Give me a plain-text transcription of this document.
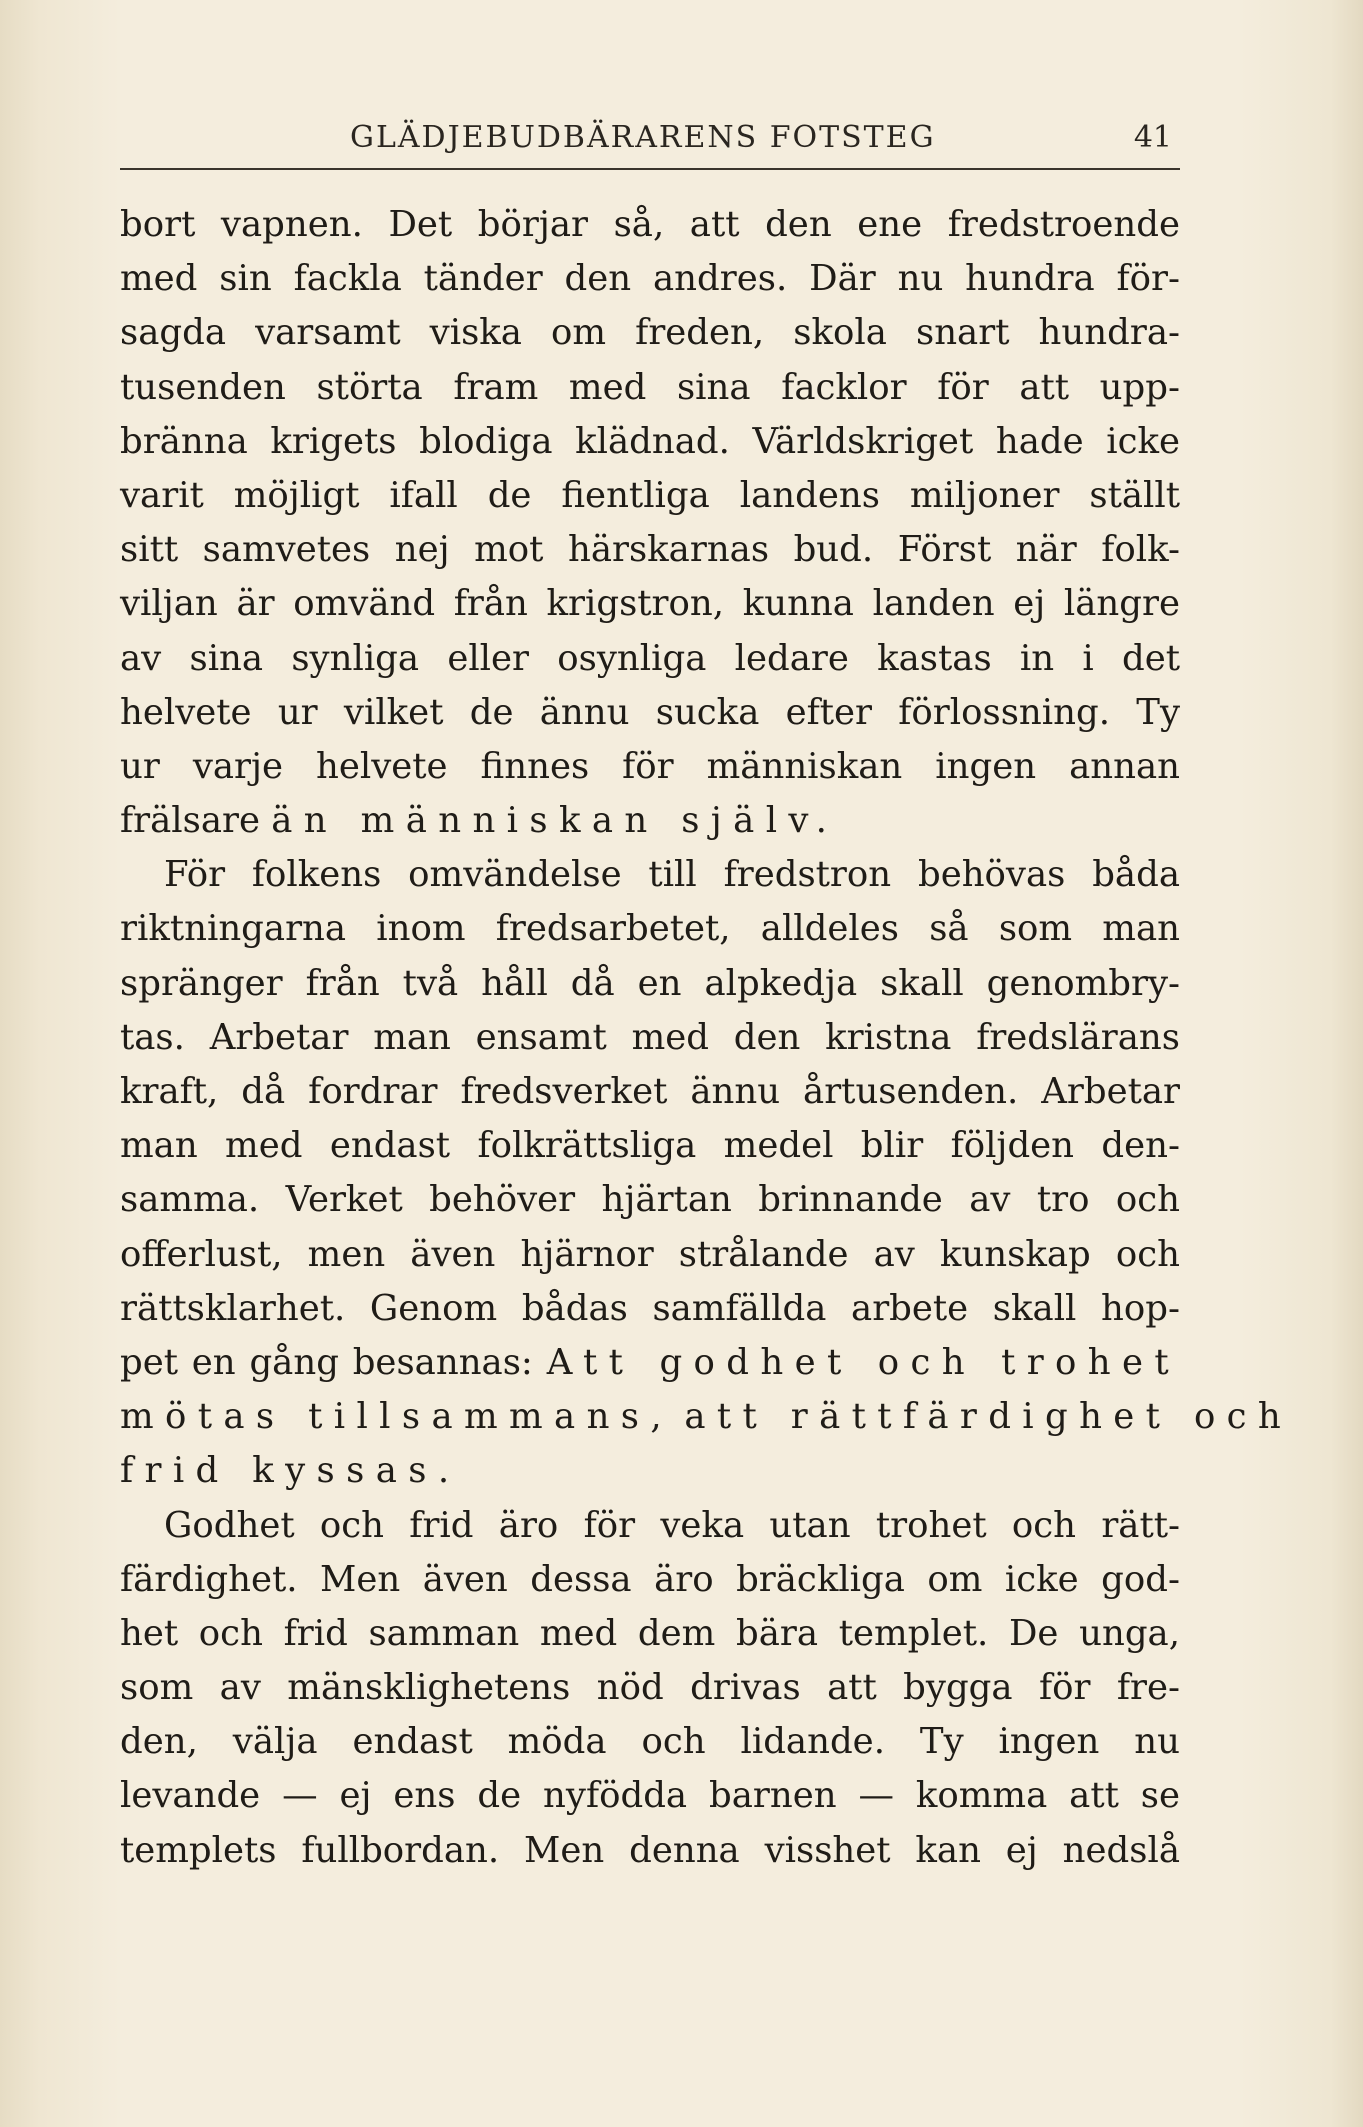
GLÄDJEBUDBÄRARENS FOTSTEG	41
bort vapnen. Det börjar så, att den ene fredstroende
med sin fackla tänder den andres. Där nu hundra för-
sagda varsamt viska om freden, skola snart hundra-
tusenden störta fram med sina facklor för att upp-
bränna krigets blodiga klädnad. Världskriget hade icke
varit möjligt ifall de fientliga landens miljoner ställt
sitt samvetes nej mot härskarnas bud. Först när folk-
viljan är omvänd från krigstron, kunna landen ej längre
av sina synliga eller osynliga ledare kastas in i det
helvete ur vilket de ännu sucka efter förlossning. Ty
ur varje helvete finnes för människan ingen annan
frälsare än människan själv.
För folkens omvändelse till fredstron behövas båda
riktningarna inom fredsarbetet, alldeles så som man
spränger från två håll då en alpkedja skall genombry-
tas. Arbetar man ensamt med den kristna fredslärans
kraft, då fordrar fredsverket ännu årtusenden. Arbetar
man med endast folkrättsliga medel blir följden den-
samma. Verket behöver hjärtan brinnande av tro och
offerlust, men även hjärnor strålande av kunskap och
rättsklarhet. Genom bådas samfällda arbete skall hop-
pet en gång besannas: Att godhet och trohet
mötas tillsammans, att rättfärdighet och
frid kyssas.
Godhet och frid äro för veka utan trohet och rätt-
färdighet. Men även dessa äro bräckliga om icke god-
het och frid samman med dem bära templet. De unga,
som av mänsklighetens nöd drivas att bygga för fre-
den, välja endast möda och lidande. Ty ingen nu
levande — ej ens de nyfödda barnen — komma att se
templets fullbordan. Men denna visshet kan ej nedslå
